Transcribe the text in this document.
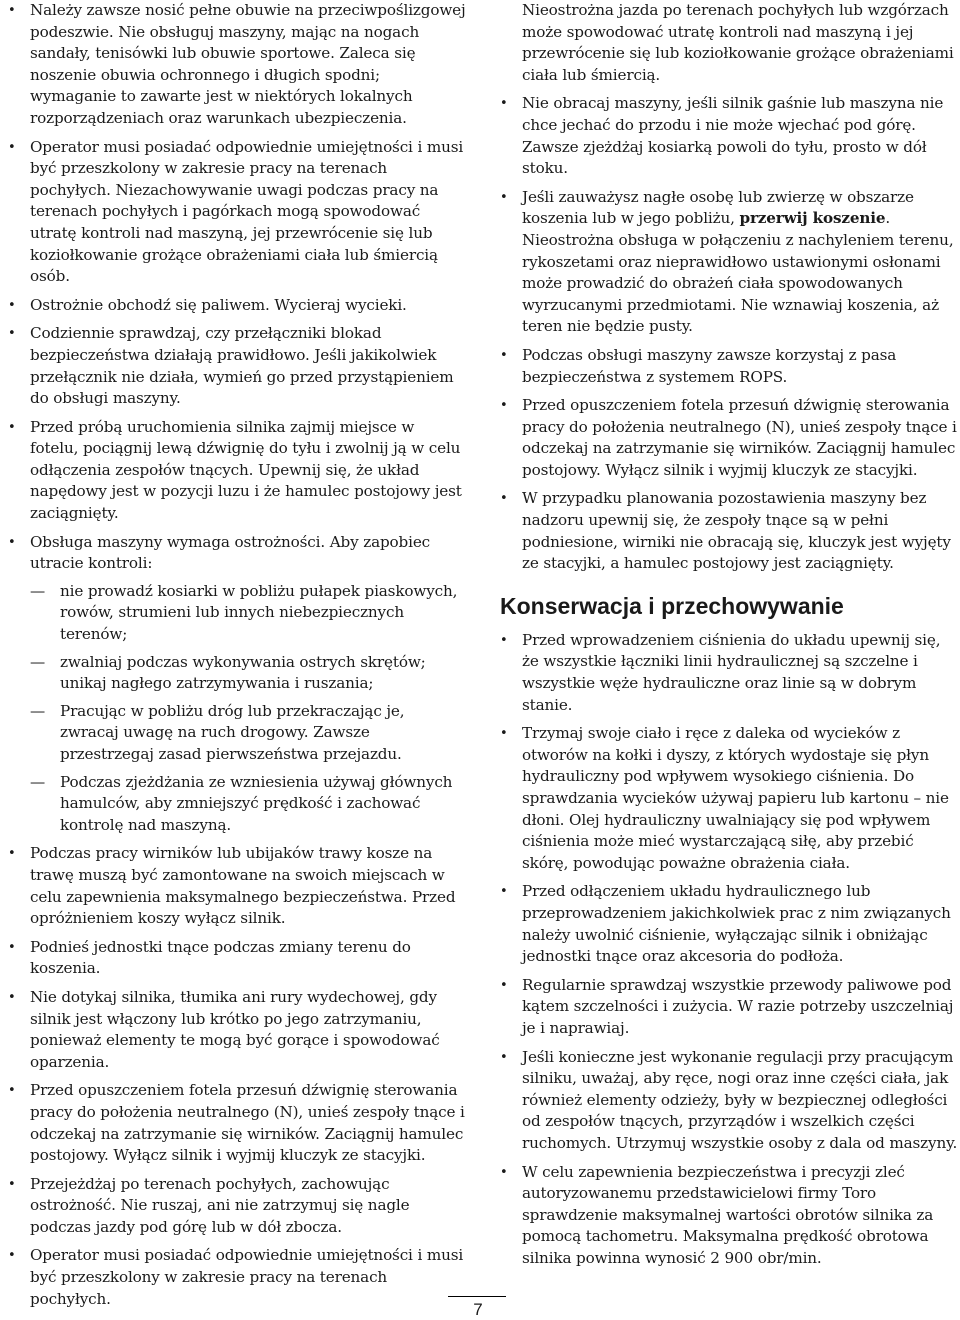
• Należy zawsze nosić pełne obuwie na przeciwpoślizgowej podeszwie. Nie obsługuj maszyny, mając na nogach sandały, tenisówki lub obuwie sportowe. Zaleca się noszenie obuwia ochronnego i długich spodni; wymaganie to zawarte jest w niektórych lokalnych rozporządzeniach oraz warunkach ubezpieczenia.
• Operator musi posiadać odpowiednie umiejętności i musi być przeszkolony w zakresie pracy na terenach pochyłych. Niezachowywanie uwagi podczas pracy na terenach pochyłych i pagórkach mogą spowodować utratę kontroli nad maszyną, jej przewrócenie się lub koziołkowanie grożące obrażeniami ciała lub śmiercią osób.
• Ostrożnie obchodź się paliwem. Wycieraj wycieki.
• Codziennie sprawdzaj, czy przełączniki blokad bezpieczeństwa działają prawidłowo. Jeśli jakikolwiek przełącznik nie działa, wymień go przed przystąpieniem do obsługi maszyny.
• Przed próbą uruchomienia silnika zajmij miejsce w fotelu, pociągnij lewą dźwignię do tyłu i zwolnij ją w celu odłączenia zespołów tnących. Upewnij się, że układ napędowy jest w pozycji luzu i że hamulec postojowy jest zaciągnięty.
• Obsługa maszyny wymaga ostrożności. Aby zapobiec utracie kontroli:
— nie prowadź kosiarki w pobliżu pułapek piaskowych, rowów, strumieni lub innych niebezpiecznych terenów;
— zwalniaj podczas wykonywania ostrych skrętów; unikaj nagłego zatrzymywania i ruszania;
— Pracując w pobliżu dróg lub przekraczając je, zwracaj uwagę na ruch drogowy. Zawsze przestrzegaj zasad pierwszeństwa przejazdu.
— Podczas zjeżdżania ze wzniesienia używaj głównych hamulców, aby zmniejszyć prędkość i zachować kontrolę nad maszyną.
• Podczas pracy wirników lub ubijaków trawy kosze na trawę muszą być zamontowane na swoich miejscach w celu zapewnienia maksymalnego bezpieczeństwa. Przed opróżnieniem koszy wyłącz silnik.
• Podnieś jednostki tnące podczas zmiany terenu do koszenia.
• Nie dotykaj silnika, tłumika ani rury wydechowej, gdy silnik jest włączony lub krótko po jego zatrzymaniu, ponieważ elementy te mogą być gorące i spowodować oparzenia.
• Przed opuszczeniem fotela przesuń dźwignię sterowania pracy do położenia neutralnego (N), unieś zespoły tnące i odczekaj na zatrzymanie się wirników. Zaciągnij hamulec postojowy. Wyłącz silnik i wyjmij kluczyk ze stacyjki.
• Przejeżdżaj po terenach pochyłych, zachowując ostrożność. Nie ruszaj, ani nie zatrzymuj się nagle podczas jazdy pod górę lub w dół zbocza.
• Operator musi posiadać odpowiednie umiejętności i musi być przeszkolony w zakresie pracy na terenach pochyłych.
Nieostrożna jazda po terenach pochyłych lub wzgórzach może spowodować utratę kontroli nad maszyną i jej przewrócenie się lub koziołkowanie grożące obrażeniami ciała lub śmiercią.
• Nie obracaj maszyny, jeśli silnik gaśnie lub maszyna nie chce jechać do przodu i nie może wjechać pod górę. Zawsze zjeżdżaj kosiarką powoli do tyłu, prosto w dół stoku.
• Jeśli zauważysz nagłe osobę lub zwierzę w obszarze koszenia lub w jego pobliżu, przerwij koszenie. Nieostrożna obsługa w połączeniu z nachyleniem terenu, rykoszetami oraz nieprawidłowo ustawionymi osłonami może prowadzić do obrażeń ciała spowodowanych wyrzucanymi przedmiotami. Nie wznawiaj koszenia, aż teren nie będzie pusty.
• Podczas obsługi maszyny zawsze korzystaj z pasa bezpieczeństwa z systemem ROPS.
• Przed opuszczeniem fotela przesuń dźwignię sterowania pracy do położenia neutralnego (N), unieś zespoły tnące i odczekaj na zatrzymanie się wirników. Zaciągnij hamulec postojowy. Wyłącz silnik i wyjmij kluczyk ze stacyjki.
• W przypadku planowania pozostawienia maszyny bez nadzoru upewnij się, że zespoły tnące są w pełni podniesione, wirniki nie obracają się, kluczyk jest wyjęty ze stacyjki, a hamulec postojowy jest zaciągnięty.
Konserwacja i przechowywanie
• Przed wprowadzeniem ciśnienia do układu upewnij się, że wszystkie łączniki linii hydraulicznej są szczelne i wszystkie węże hydrauliczne oraz linie są w dobrym stanie.
• Trzymaj swoje ciało i ręce z daleka od wycieków z otworów na kołki i dyszy, z których wydostaje się płyn hydrauliczny pod wpływem wysokiego ciśnienia. Do sprawdzania wycieków używaj papieru lub kartonu – nie dłoni. Olej hydrauliczny uwalniający się pod wpływem ciśnienia może mieć wystarczającą siłę, aby przebić skórę, powodując poważne obrażenia ciała.
• Przed odłączeniem układu hydraulicznego lub przeprowadzeniem jakichkolwiek prac z nim związanych należy uwolnić ciśnienie, wyłączając silnik i obniżając jednostki tnące oraz akcesoria do podłoża.
• Regularnie sprawdzaj wszystkie przewody paliwowe pod kątem szczelności i zużycia. W razie potrzeby uszczelniaj je i naprawiaj.
• Jeśli konieczne jest wykonanie regulacji przy pracującym silniku, uważaj, aby ręce, nogi oraz inne części ciała, jak również elementy odzieży, były w bezpiecznej odległości od zespołów tnących, przyrządów i wszelkich części ruchomych. Utrzymuj wszystkie osoby z dala od maszyny.
• W celu zapewnienia bezpieczeństwa i precyzji zleć autoryzowanemu przedstawicielowi firmy Toro sprawdzenie maksymalnej wartości obrotów silnika za pomocą tachometru. Maksymalna prędkość obrotowa silnika powinna wynosić 2 900 obr/min.
7
